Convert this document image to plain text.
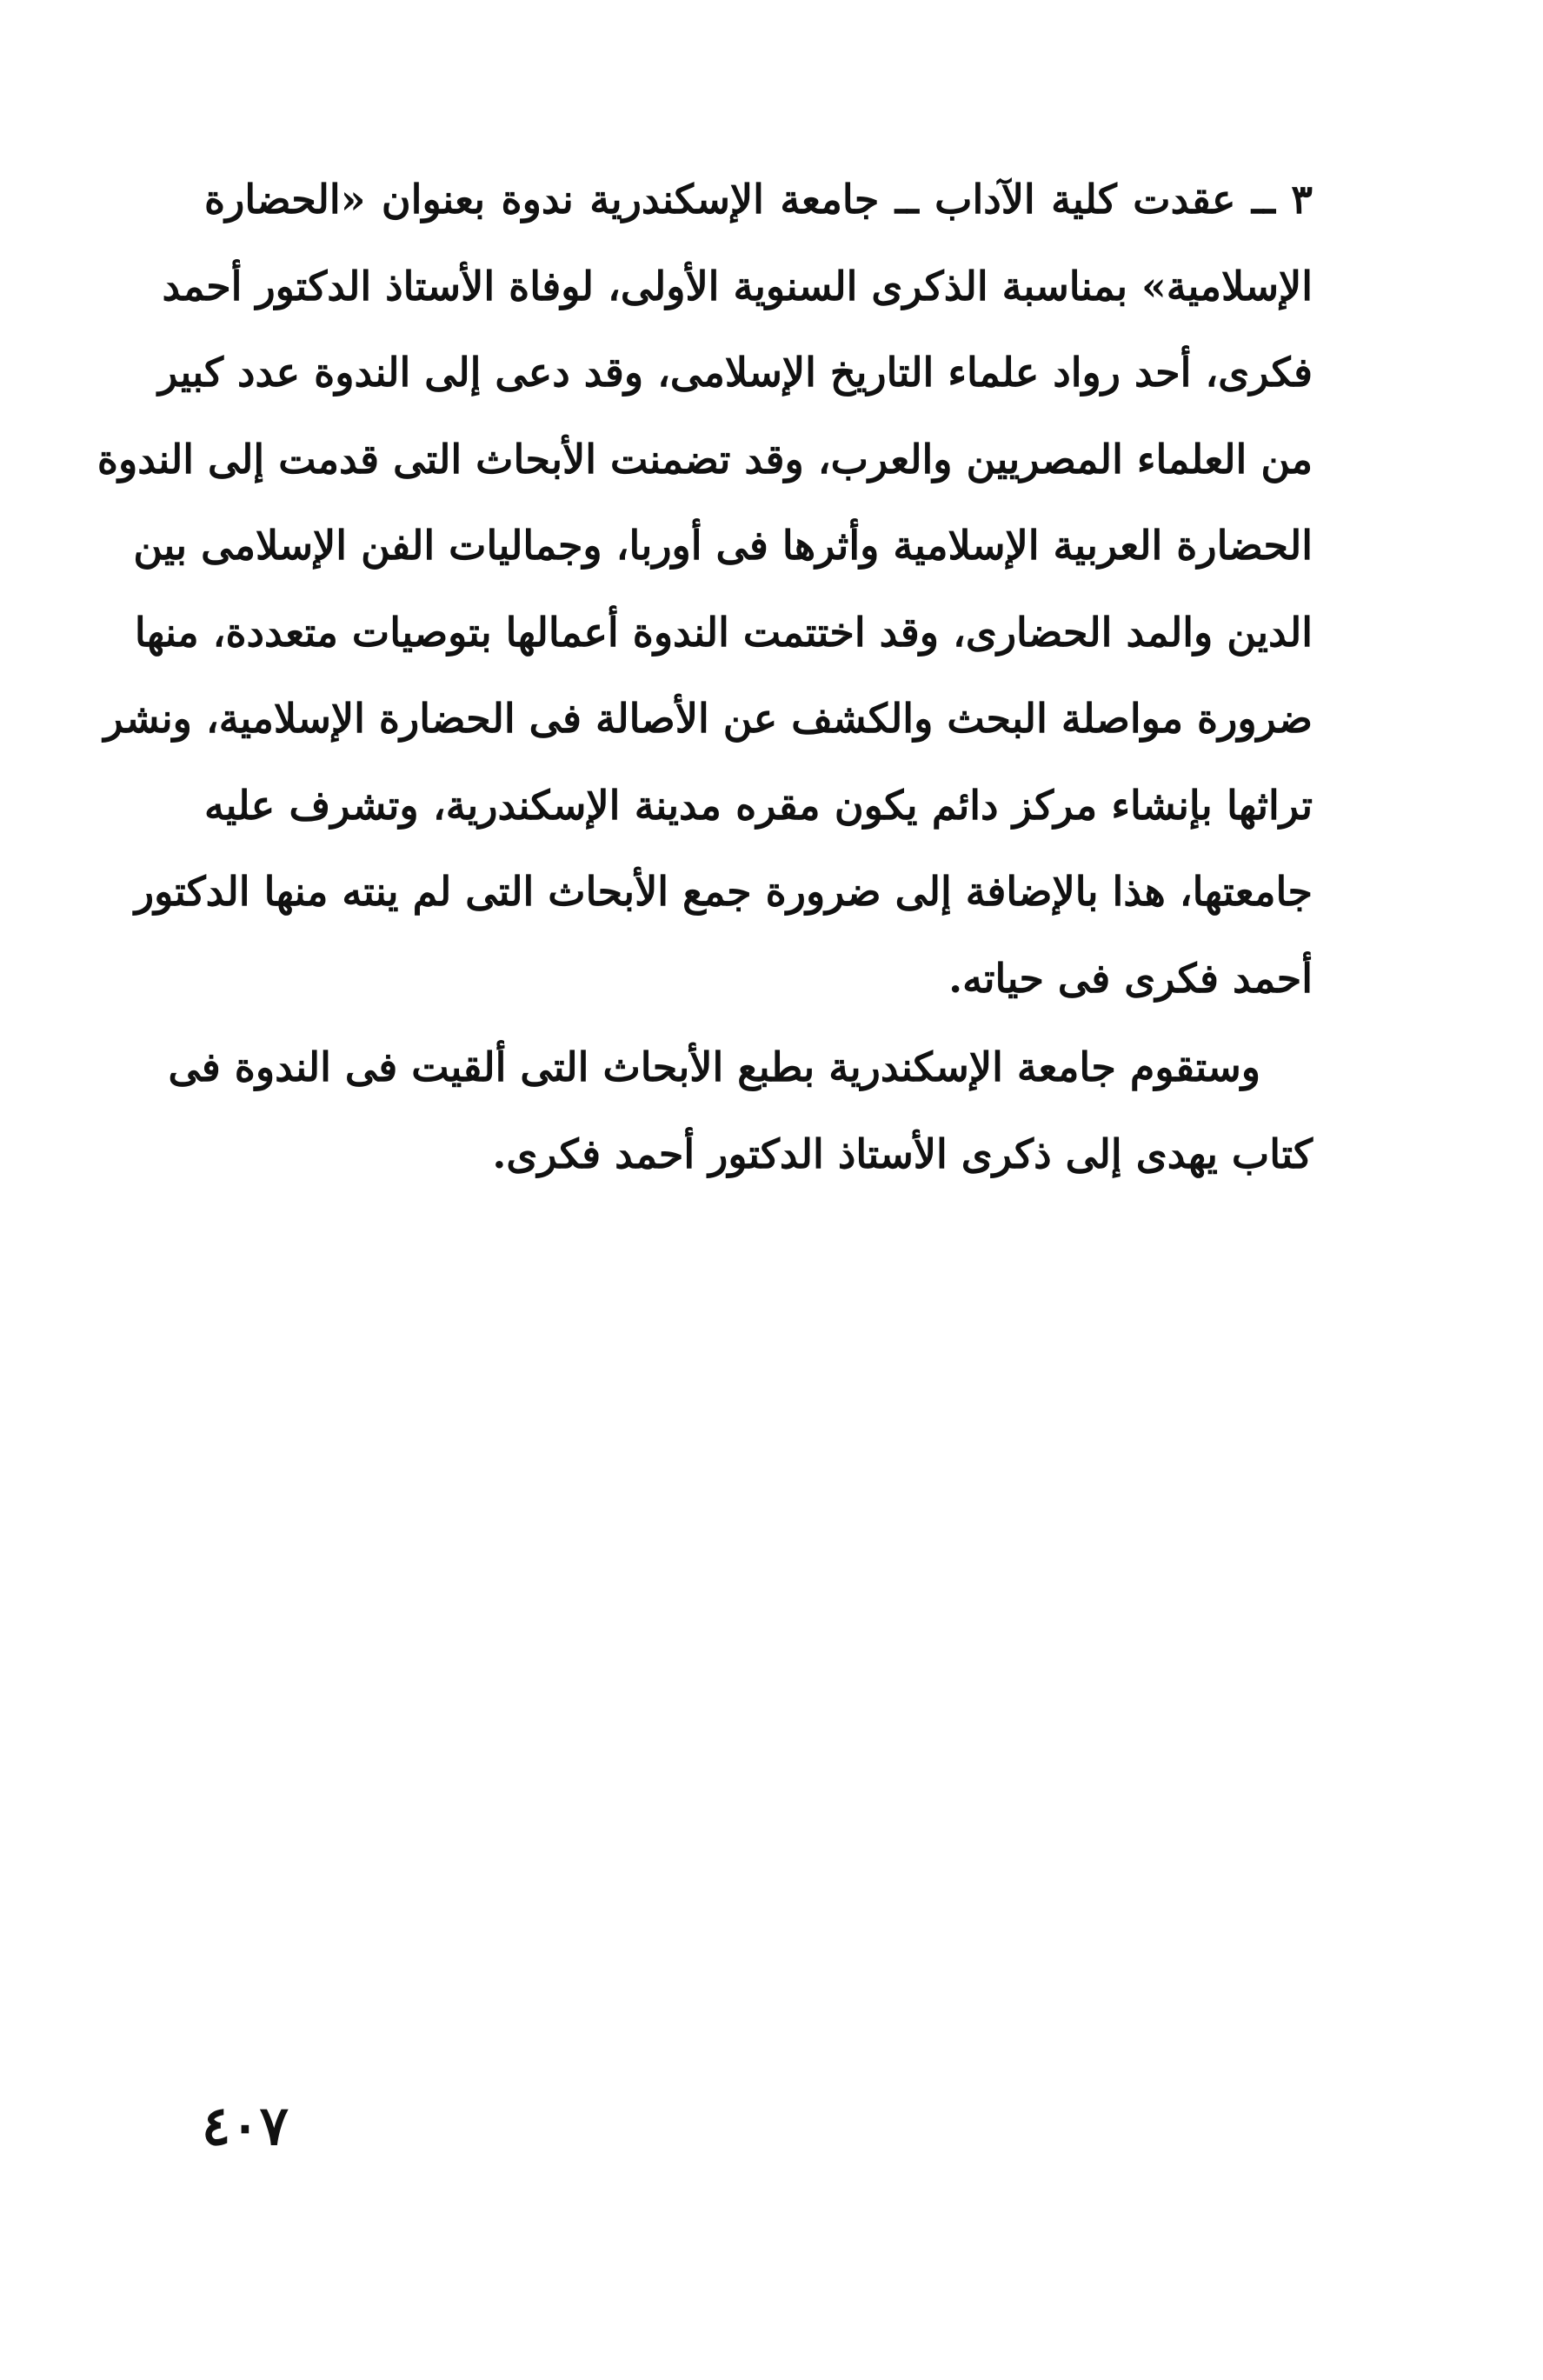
٣ ــ عقدت كلية الآداب ــ جامعة الإسكندرية ندوة بعنوان «الحضارة
الإسلامية» بمناسبة الذكرى السنوية الأولى، لوفاة الأستاذ الدكتور أحمد
فكرى، أحد رواد علماء التاريخ الإسلامى، وقد دعى إلى الندوة عدد كبير
من العلماء المصريين والعرب، وقد تضمنت الأبحاث التى قدمت إلى الندوة
الحضارة العربية الإسلامية وأثرها فى أوربا، وجماليات الفن الإسلامى بين
الدين والمد الحضارى، وقد اختتمت الندوة أعمالها بتوصيات متعددة، منها
ضرورة مواصلة البحث والكشف عن الأصالة فى الحضارة الإسلامية، ونشر
تراثها بإنشاء مركز دائم يكون مقره مدينة الإسكندرية، وتشرف عليه
جامعتها، هذا بالإضافة إلى ضرورة جمع الأبحاث التى لم ينته منها الدكتور
أحمد فكرى فى حياته.
وستقوم جامعة الإسكندرية بطبع الأبحاث التى ألقيت فى الندوة فى
كتاب يهدى إلى ذكرى الأستاذ الدكتور أحمد فكرى.
٤٠٧
